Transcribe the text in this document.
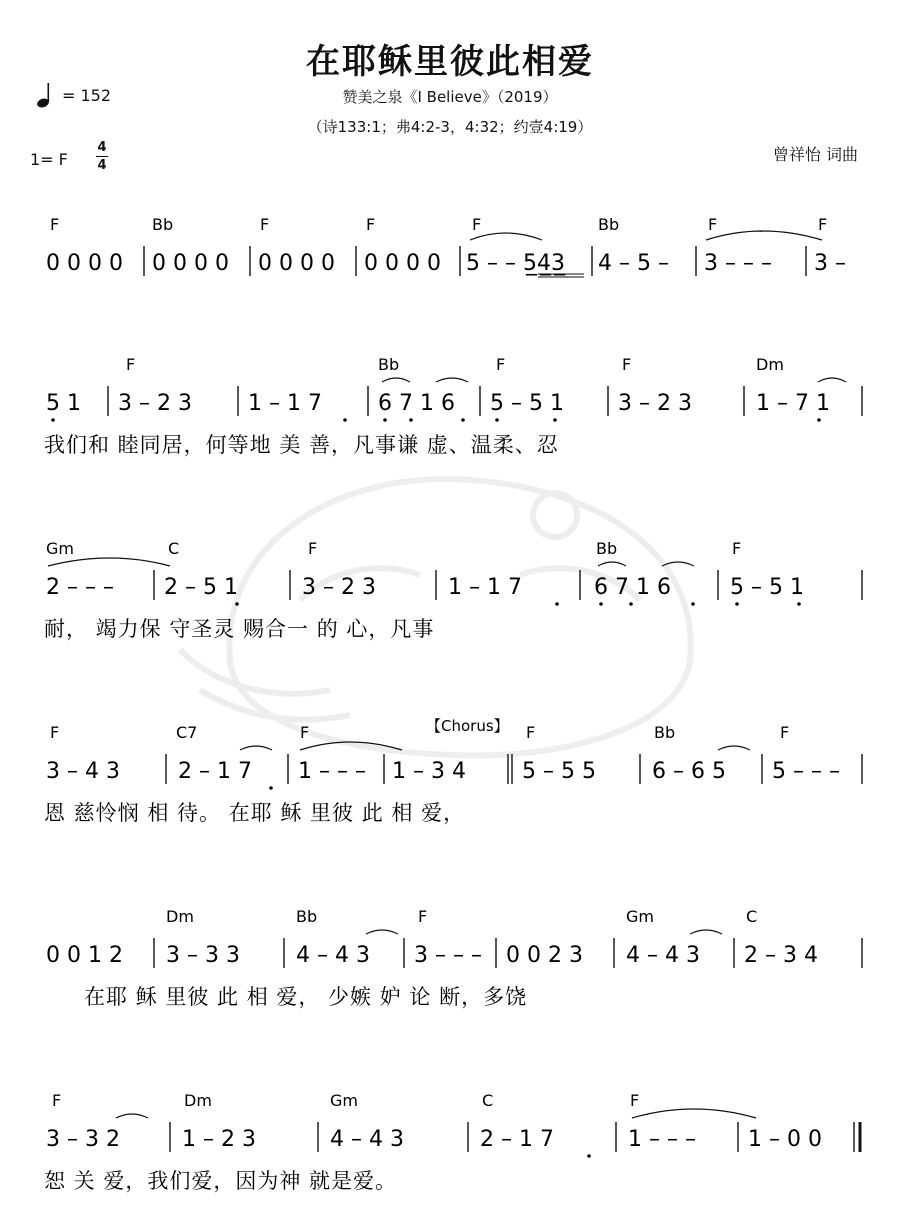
在耶稣里彼此相爱
赞美之泉《I Believe》（2019）
（诗133:1；弗4:2-3，4:32；约壹4:19）
= 152
1= F
4
4
曾祥怡 词曲
F	Bb	F	F	F	Bb	F	F
0 0 0 0 0 0 0 0 0 0 0 0 0 0 0 0 5 – – 5̲4̲3̲ 4 – 5 – 3 – – – 3 –
F	Bb	F	F	Dm
5 1 3 – 2 3	1 – 1 7	6 7 1 6 5 – 5 1 3 – 2 3	1 – 7 1
我们和 睦同居，何等地 美 善，凡事谦 虚、温柔、忍
Gm	C	F	Bb	F
2 – – – 2 – 5 1	3 – 2 3	1 – 1 7	6 7 1 6	5 – 5 1
耐， 竭力保 守圣灵 赐合一 的 心，凡事
【Chorus】
F	C7	F	F	Bb	F
3 – 4 3	2 – 1 7 1 – – – 1 – 3 4	5 – 5 5	6 – 6 5 5 – – –
恩 慈怜悯 相 待。 在耶 稣 里彼 此 相 爱，
Dm	Bb	F	Gm	C
0 0 1 2 3 – 3 3	4 – 4 3 3 – – – 0 0 2 3 4 – 4 3 2 – 3 4
在耶 稣 里彼 此 相 爱， 少嫉 妒 论 断，多饶
F	Dm	Gm	C	F
3 – 3 2	1 – 2 3	4 – 4 3	2 – 1 7	1 – – – 1 – 0 0
恕 关 爱，我们爱，因为神 就是爱。
